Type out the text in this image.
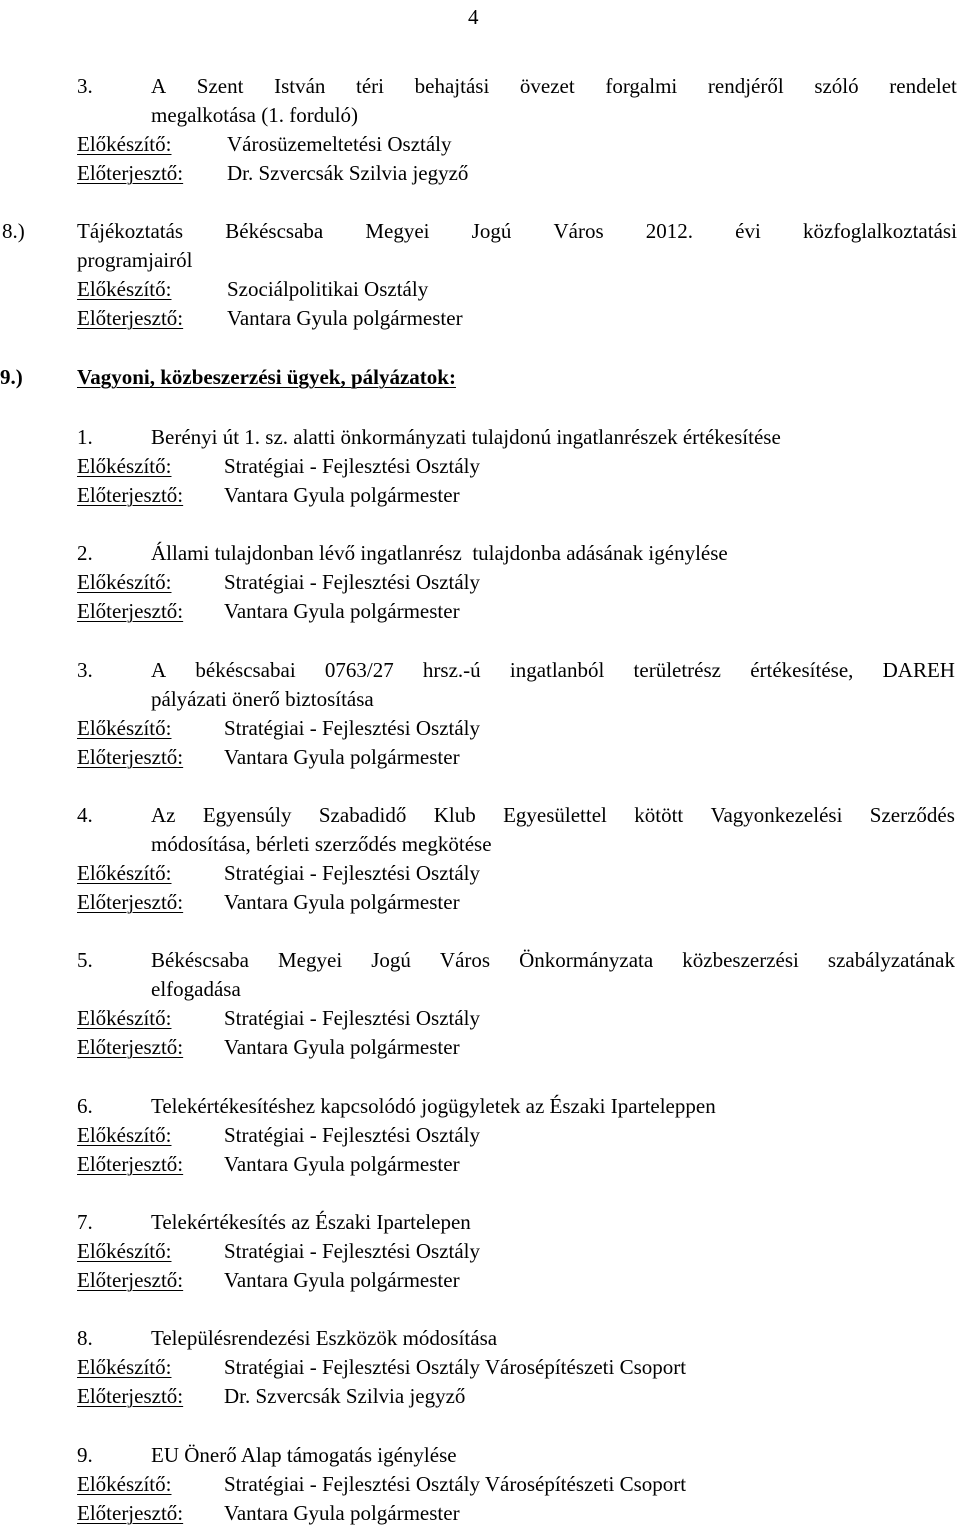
4
3.	A Szent István téri behajtási övezet forgalmi rendjéről szóló rendelet
megalkotása (1. forduló)
Előkészítő:	Városüzemeltetési Osztály
Előterjesztő: Dr. Szvercsák Szilvia jegyző
8.) Tájékoztatás Békéscsaba Megyei Jogú Város 2012. évi közfoglalkoztatási
programjairól
Előkészítő:	Szociálpolitikai Osztály
Előterjesztő: Vantara Gyula polgármester
9.)	Vagyoni, közbeszerzési ügyek, pályázatok:
1.	Berényi út 1. sz. alatti önkormányzati tulajdonú ingatlanrészek értékesítése
Előkészítő:	Stratégiai - Fejlesztési Osztály
Előterjesztő: Vantara Gyula polgármester
2.	Állami tulajdonban lévő ingatlanrész  tulajdonba adásának igénylése
Előkészítő:	Stratégiai - Fejlesztési Osztály
Előterjesztő: Vantara Gyula polgármester
3.	A békéscsabai 0763/27 hrsz.-ú ingatlanból területrész értékesítése, DAREH
pályázati önerő biztosítása
Előkészítő:	Stratégiai - Fejlesztési Osztály
Előterjesztő: Vantara Gyula polgármester
4.	Az Egyensúly Szabadidő Klub Egyesülettel kötött Vagyonkezelési Szerződés
módosítása, bérleti szerződés megkötése
Előkészítő:	Stratégiai - Fejlesztési Osztály
Előterjesztő: Vantara Gyula polgármester
5.	Békéscsaba Megyei Jogú Város Önkormányzata közbeszerzési szabályzatának
elfogadása
Előkészítő:	Stratégiai - Fejlesztési Osztály
Előterjesztő: Vantara Gyula polgármester
6.	Telekértékesítéshez kapcsolódó jogügyletek az Északi Iparteleppen
Előkészítő:	Stratégiai - Fejlesztési Osztály
Előterjesztő: Vantara Gyula polgármester
7.	Telekértékesítés az Északi Ipartelepen
Előkészítő:	Stratégiai - Fejlesztési Osztály
Előterjesztő: Vantara Gyula polgármester
8.	Településrendezési Eszközök módosítása
Előkészítő:	Stratégiai - Fejlesztési Osztály Városépítészeti Csoport
Előterjesztő: Dr. Szvercsák Szilvia jegyző
9.	EU Önerő Alap támogatás igénylése
Előkészítő:	Stratégiai - Fejlesztési Osztály Városépítészeti Csoport
Előterjesztő: Vantara Gyula polgármester
